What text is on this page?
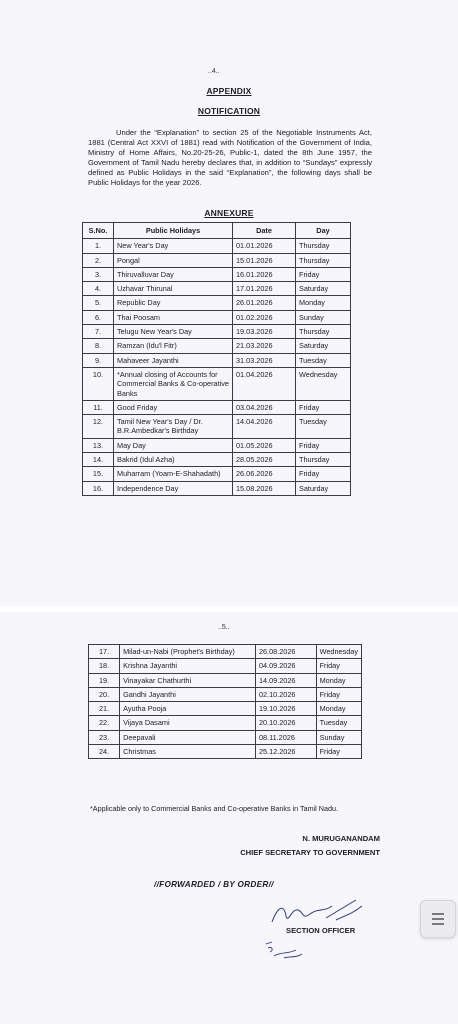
..4..
APPENDIX
NOTIFICATION
Under the “Explanation” to section 25 of the Negotiable Instruments Act, 1881 (Central Act XXVI of 1881) read with Notification of the Government of India, Ministry of Home Affairs, No.20-25-26, Public-1, dated the 8th June 1957, the Government of Tamil Nadu hereby declares that, in addition to “Sundays” expressly defined as Public Holidays in the said “Explanation”, the following days shall be Public Holidays for the year 2026.
ANNEXURE
S.No.	Public Holidays	Date	Day
1.	New Year's Day	01.01.2026	Thursday
2.	Pongal	15.01.2026	Thursday
3.	Thiruvalluvar Day	16.01.2026	Friday
4.	Uzhavar Thirunal	17.01.2026	Saturday
5.	Republic Day	26.01.2026	Monday
6.	Thai Poosam	01.02.2026	Sunday
7.	Telugu New Year's Day	19.03.2026	Thursday
8.	Ramzan (Idu'l Fitr)	21.03.2026	Saturday
9.	Mahaveer Jayanthi	31.03.2026	Tuesday
10.	*Annual closing of Accounts for Commercial Banks & Co-operative Banks	01.04.2026	Wednesday
11.	Good Friday	03.04.2026	Friday
12.	Tamil New Year's Day / Dr. B.R.Ambedkar's Birthday	14.04.2026	Tuesday
13.	May Day	01.05.2026	Friday
14.	Bakrid (Idul Azha)	28.05.2026	Thursday
15.	Muharram (Yoam-E-Shahadath)	26.06.2026	Friday
16.	Independence Day	15.08.2026	Saturday
..5..
17.	Milad-un-Nabi (Prophet's Birthday)	26.08.2026	Wednesday
18.	Krishna Jayanthi	04.09.2026	Friday
19.	Vinayakar Chathurthi	14.09.2026	Monday
20.	Gandhi Jayanthi	02.10.2026	Friday
21.	Ayutha Pooja	19.10.2026	Monday
22.	Vijaya Dasami	20.10.2026	Tuesday
23.	Deepavali	08.11.2026	Sunday
24.	Christmas	25.12.2026	Friday
*Applicable only to Commercial Banks and Co-operative Banks in Tamil Nadu.
N. MURUGANANDAM
CHIEF SECRETARY TO GOVERNMENT
//FORWARDED / BY ORDER//
SECTION OFFICER
